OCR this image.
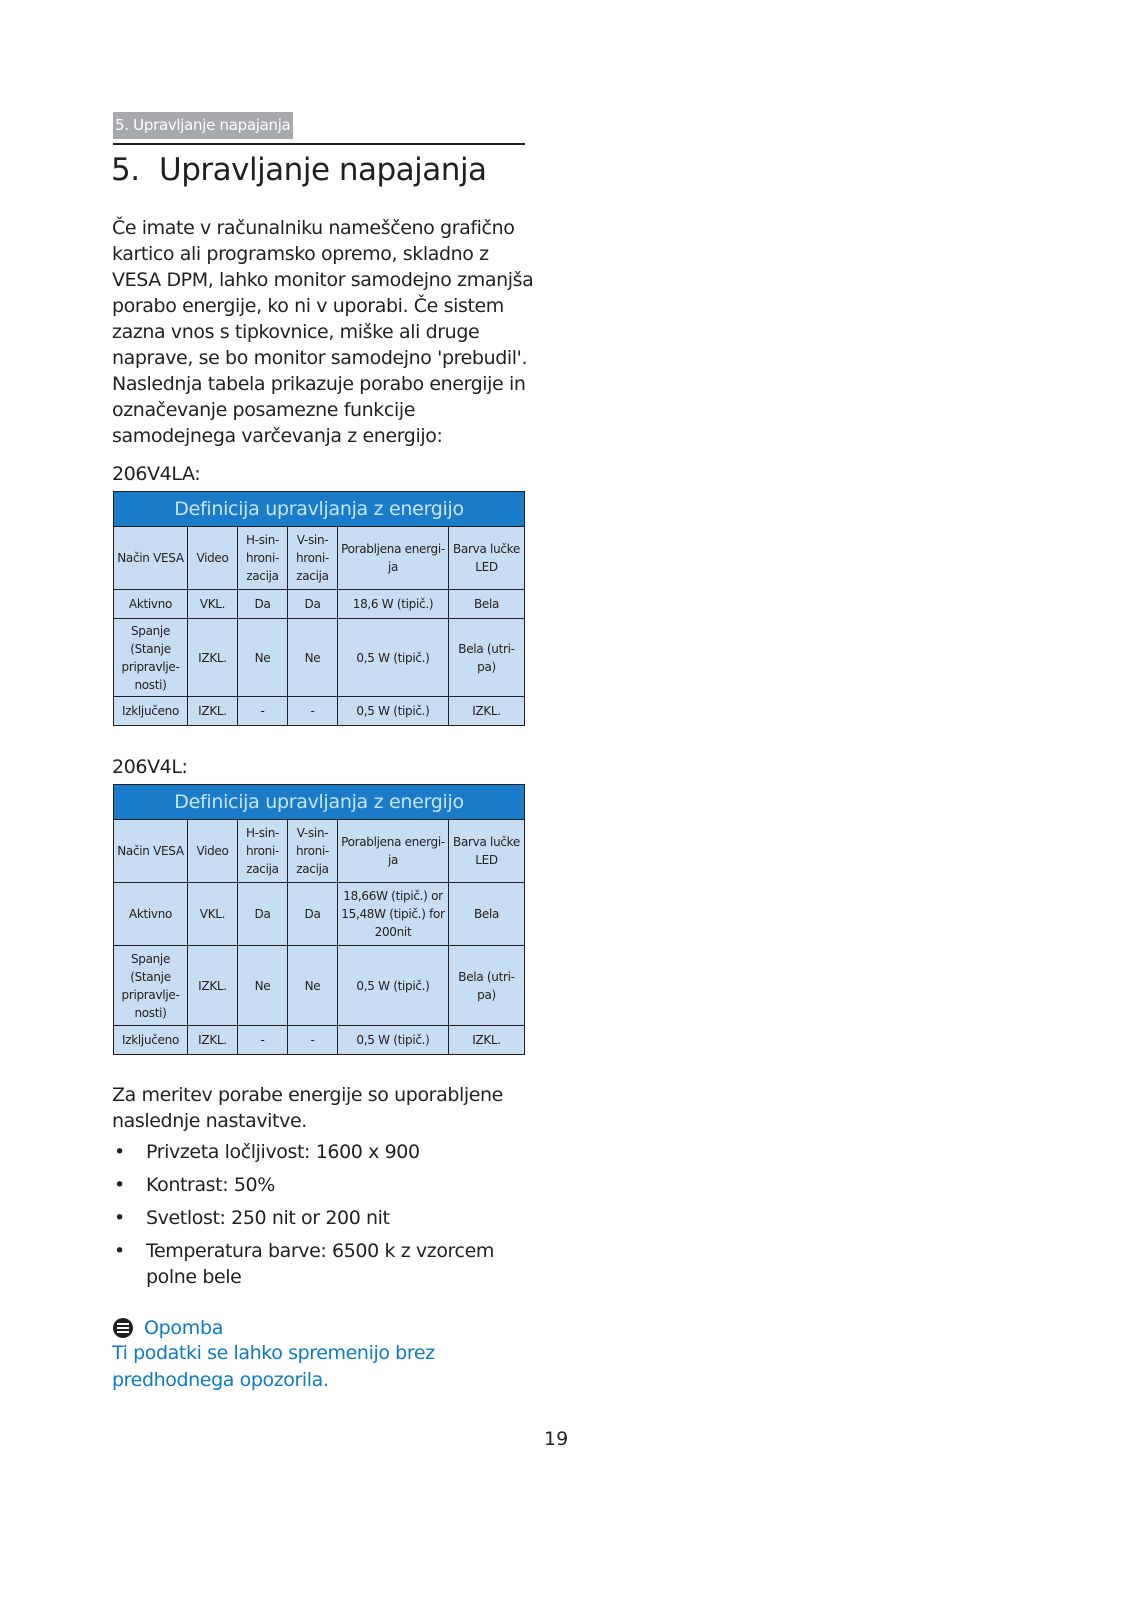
5. Upravljanje napajanja
5. Upravljanje napajanja

Če imate v računalniku nameščeno grafično kartico ali programsko opremo, skladno z VESA DPM, lahko monitor samodejno zmanjša porabo energije, ko ni v uporabi. Če sistem zazna vnos s tipkovnice, miške ali druge naprave, se bo monitor samodejno 'prebudil'. Naslednja tabela prikazuje porabo energije in označevanje posamezne funkcije samodejnega varčevanja z energijo:

206V4LA:
Definicija upravljanja z energijo					
Način VESA	Video	H-sin-hroni-zacija	V-sin-hroni-zacija	Porabljena energi-ja	Barva lučke LED
Aktivno	VKL.	Da	Da	18,6 W (tipič.)	Bela
Spanje (Stanje pripravlje-nosti)	IZKL.	Ne	Ne	0,5 W (tipič.)	Bela (utri-pa)
Izključeno	IZKL.	-	-	0,5 W (tipič.)	IZKL.
206V4L:
Definicija upravljanja z energijo					
Način VESA	Video	H-sin-hroni-zacija	V-sin-hroni-zacija	Porabljena energi-ja	Barva lučke LED
Aktivno	VKL.	Da	Da	18,66W (tipič.) or 15,48W (tipič.) for 200nit	Bela
Spanje (Stanje pripravlje-nosti)	IZKL.	Ne	Ne	0,5 W (tipič.)	Bela (utri-pa)
Izključeno	IZKL.	-	-	0,5 W (tipič.)	IZKL.

Za meritev porabe energije so uporabljene naslednje nastavitve.

• Privzeta ločljivost: 1600 x 900
• Kontrast: 50%
• Svetlost: 250 nit or 200 nit
• Temperatura barve: 6500 k z vzorcem polne bele
Opomba

Ti podatki se lahko spremenijo brez predhodnega opozorila.

19
